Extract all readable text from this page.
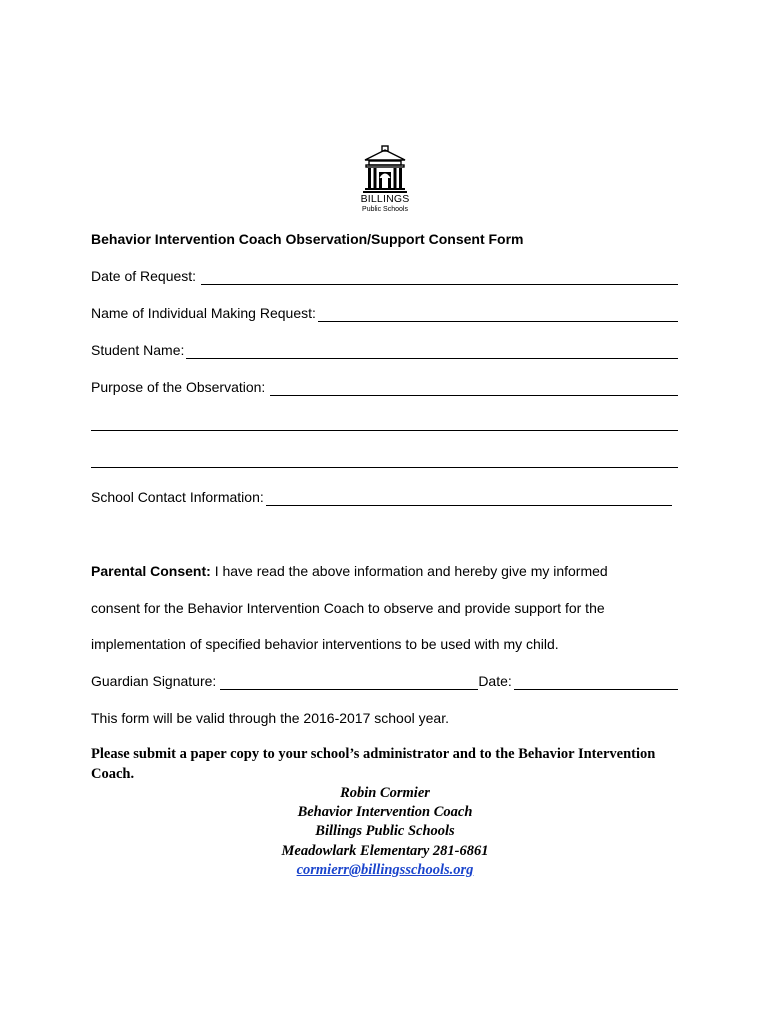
BILLINGS
Public Schools
Behavior Intervention Coach Observation/Support Consent Form
Date of Request:
Name of Individual Making Request:
Student Name:
Purpose of the Observation:
School Contact Information:
Parental Consent: I have read the above information and hereby give my informed
consent for the Behavior Intervention Coach to observe and provide support for the
implementation of specified behavior interventions to be used with my child.
Guardian Signature:	Date:
This form will be valid through the 2016-2017 school year.
Please submit a paper copy to your school’s administrator and to the Behavior Intervention Coach.
Robin Cormier
Behavior Intervention Coach
Billings Public Schools
Meadowlark Elementary 281-6861
cormierr@billingsschools.org
